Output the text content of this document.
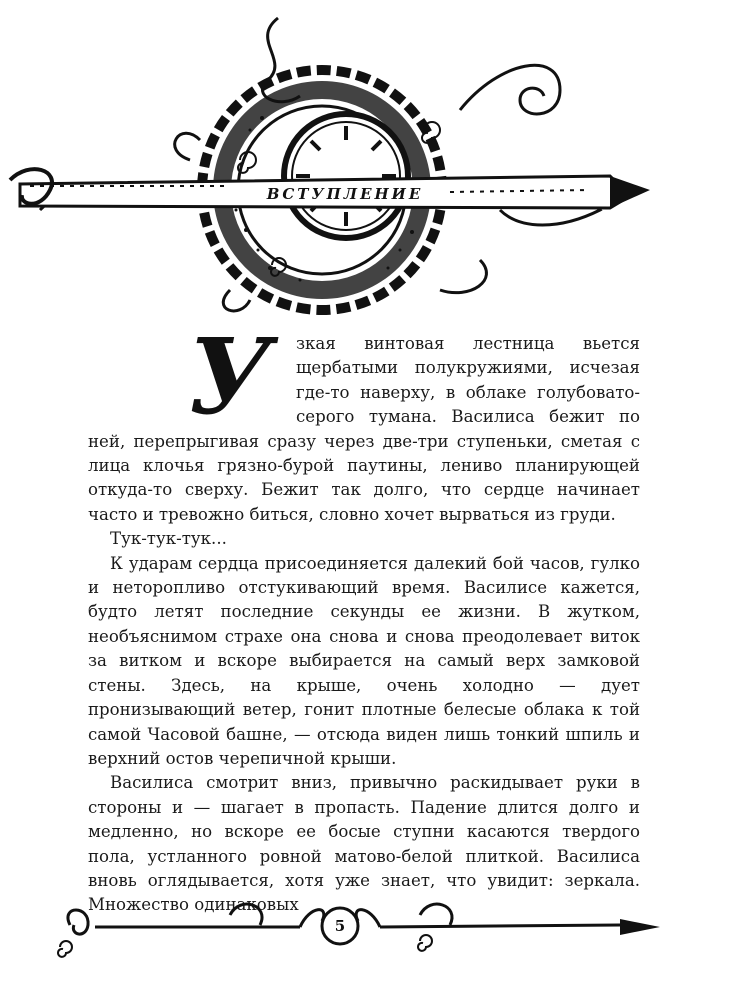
ВСТУПЛЕНИЕ

У	зкая винтовая лестница вьется щербатыми полукружиями, исчезая где-то наверху, в облаке голубовато-серого тумана. Василиса бежит по ней, перепрыгивая сразу через две-три ступеньки, сметая с лица клочья грязно-бурой паутины, лениво планирующей откуда-то сверху. Бежит так долго, что сердце начинает часто и тревожно биться, словно хочет вырваться из груди.

Тук-тук-тук...

К ударам сердца присоединяется далекий бой часов, гулко и неторопливо отстукивающий время. Василисе кажется, будто летят последние секунды ее жизни. В жутком, необъяснимом страхе она снова и снова преодолевает виток за витком и вскоре выбирается на самый верх замковой стены. Здесь, на крыше, очень холодно — дует пронизывающий ветер, гонит плотные белесые облака к той самой Часовой башне, — отсюда виден лишь тонкий шпиль и верхний остов черепичной крыши.

Василиса смотрит вниз, привычно раскидывает руки в стороны и — шагает в пропасть. Падение длится долго и медленно, но вскоре ее босые ступни касаются твердого пола, устланного ровной матово-белой плиткой. Василиса вновь оглядывается, хотя уже знает, что увидит: зеркала. Множество одинаковых

5
